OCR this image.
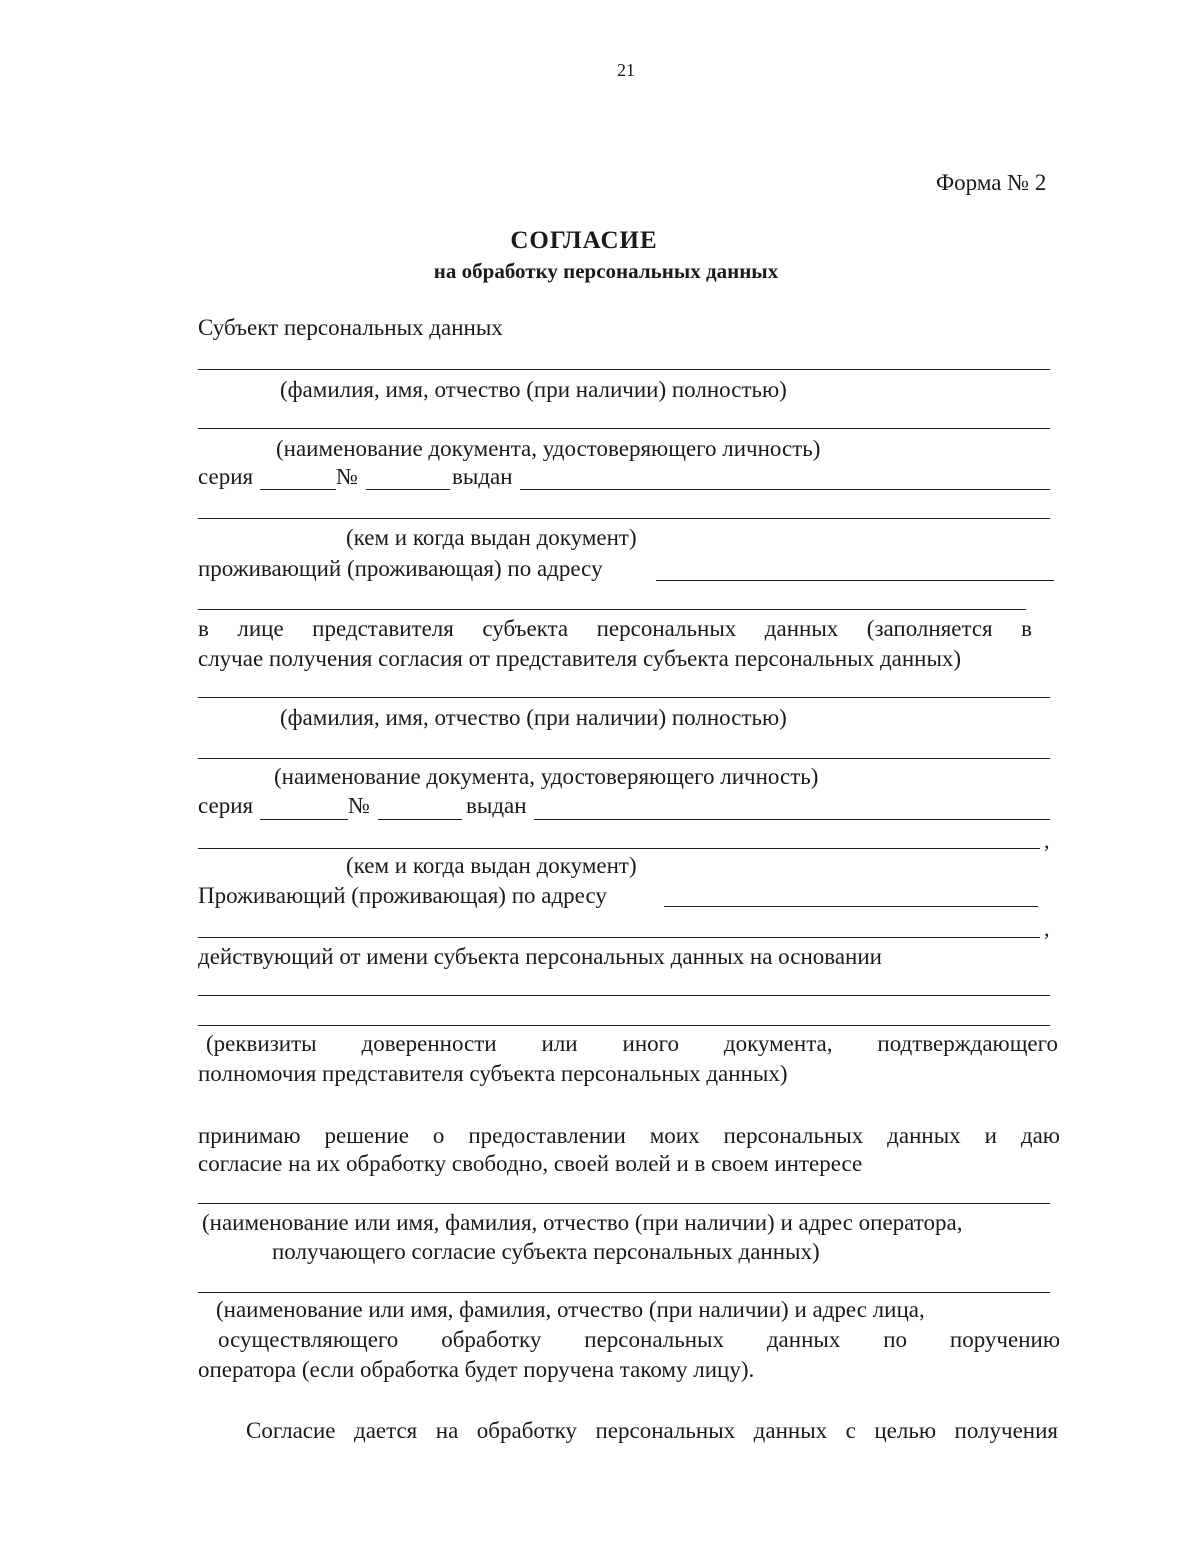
21
Форма № 2
СОГЛАСИЕ
на обработку персональных данных
Субъект персональных данных
(фамилия, имя, отчество (при наличии) полностью)
(наименование документа, удостоверяющего личность)
серия	№	выдан
(кем и когда выдан документ)
проживающий (проживающая) по адресу
в лице представителя субъекта персональных данных (заполняется в
случае получения согласия от представителя субъекта персональных данных)
(фамилия, имя, отчество (при наличии) полностью)
(наименование документа, удостоверяющего личность)
серия	№	выдан
,
(кем и когда выдан документ)
Проживающий (проживающая) по адресу
,
действующий от имени субъекта персональных данных на основании
(реквизиты доверенности или иного документа, подтверждающего
полномочия представителя субъекта персональных данных)
принимаю решение о предоставлении моих персональных данных и даю
согласие на их обработку свободно, своей волей и в своем интересе
(наименование или имя, фамилия, отчество (при наличии) и адрес оператора,
получающего согласие субъекта персональных данных)
(наименование или имя, фамилия, отчество (при наличии) и адрес лица,
осуществляющего обработку персональных данных по поручению
оператора (если обработка будет поручена такому лицу).
Согласие дается на обработку персональных данных с целью получения
